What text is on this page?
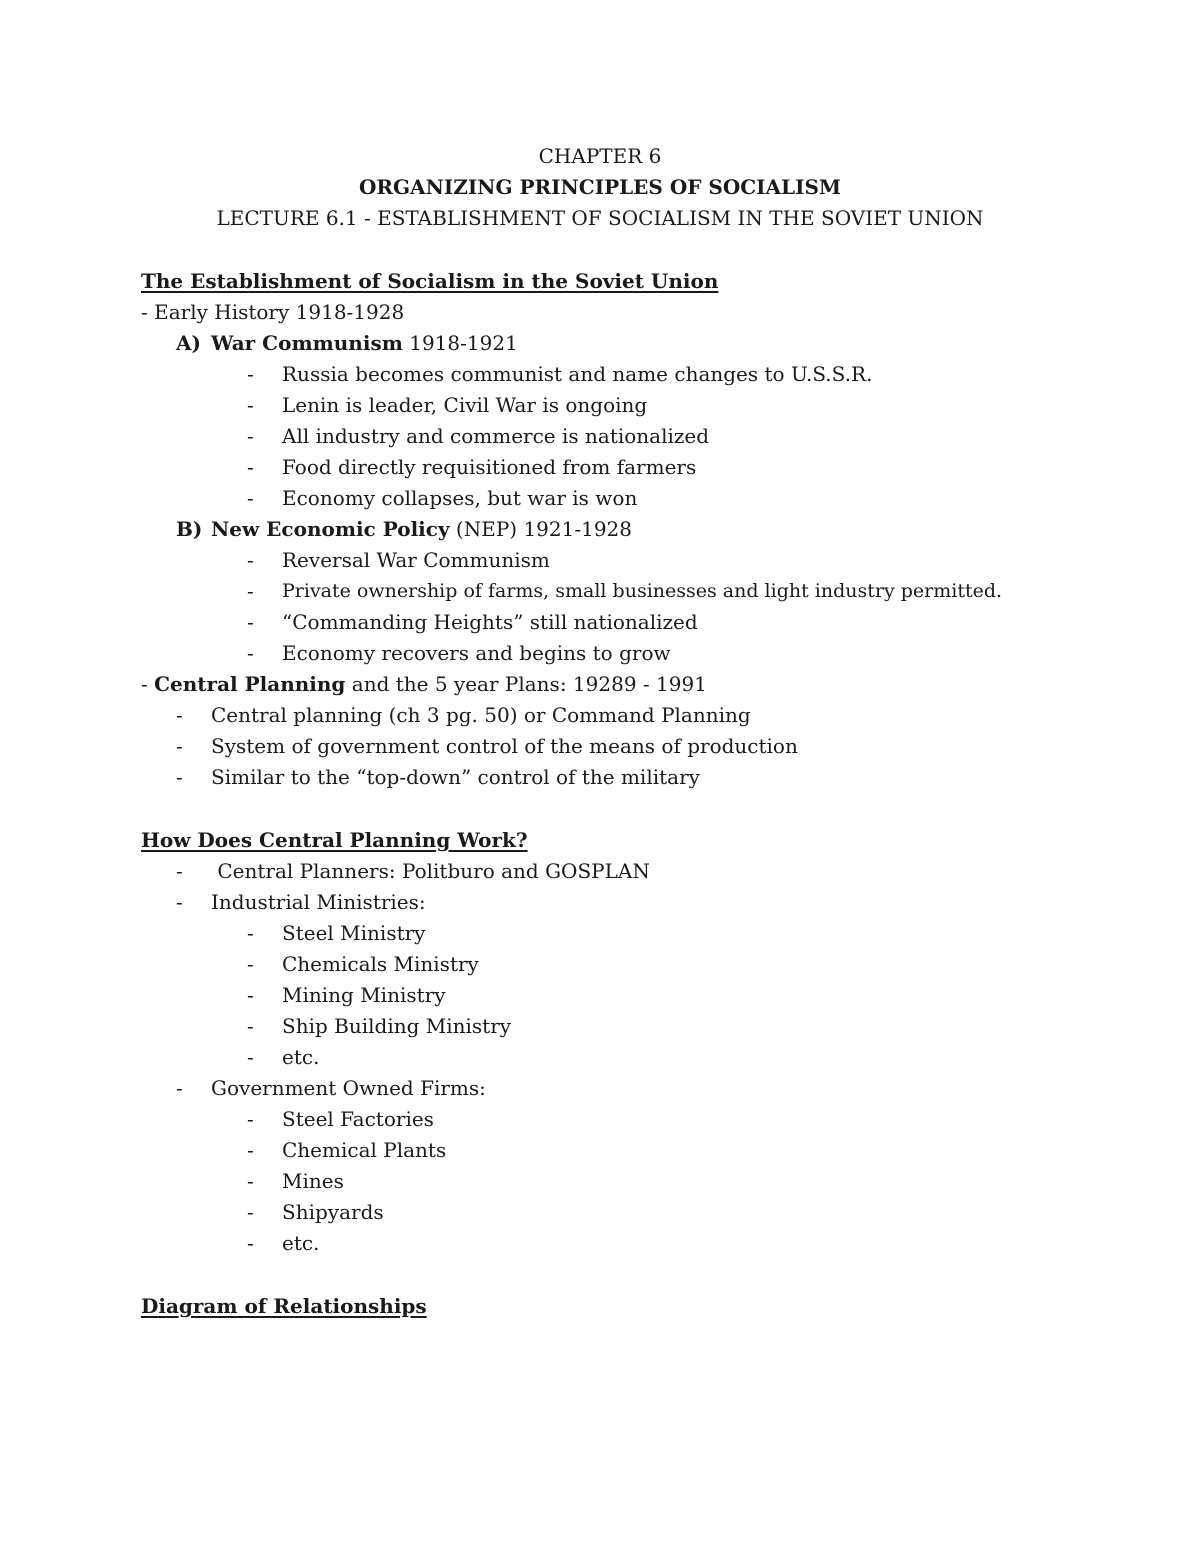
CHAPTER 6
ORGANIZING PRINCIPLES OF SOCIALISM
LECTURE 6.1 - ESTABLISHMENT OF SOCIALISM IN THE SOVIET UNION
The Establishment of Socialism in the Soviet Union
- Early History 1918-1928
A) War Communism 1918-1921
- Russia becomes communist and name changes to U.S.S.R.
- Lenin is leader, Civil War is ongoing
- All industry and commerce is nationalized
- Food directly requisitioned from farmers
- Economy collapses, but war is won
B) New Economic Policy (NEP) 1921-1928
- Reversal War Communism
- Private ownership of farms, small businesses and light industry permitted.
- “Commanding Heights” still nationalized
- Economy recovers and begins to grow
- Central Planning and the 5 year Plans: 19289 - 1991
- Central planning (ch 3 pg. 50) or Command Planning
- System of government control of the means of production
- Similar to the “top-down” control of the military
How Does Central Planning Work?
- Central Planners: Politburo and GOSPLAN
- Industrial Ministries:
- Steel Ministry
- Chemicals Ministry
- Mining Ministry
- Ship Building Ministry
- etc.
- Government Owned Firms:
- Steel Factories
- Chemical Plants
- Mines
- Shipyards
- etc.
Diagram of Relationships
